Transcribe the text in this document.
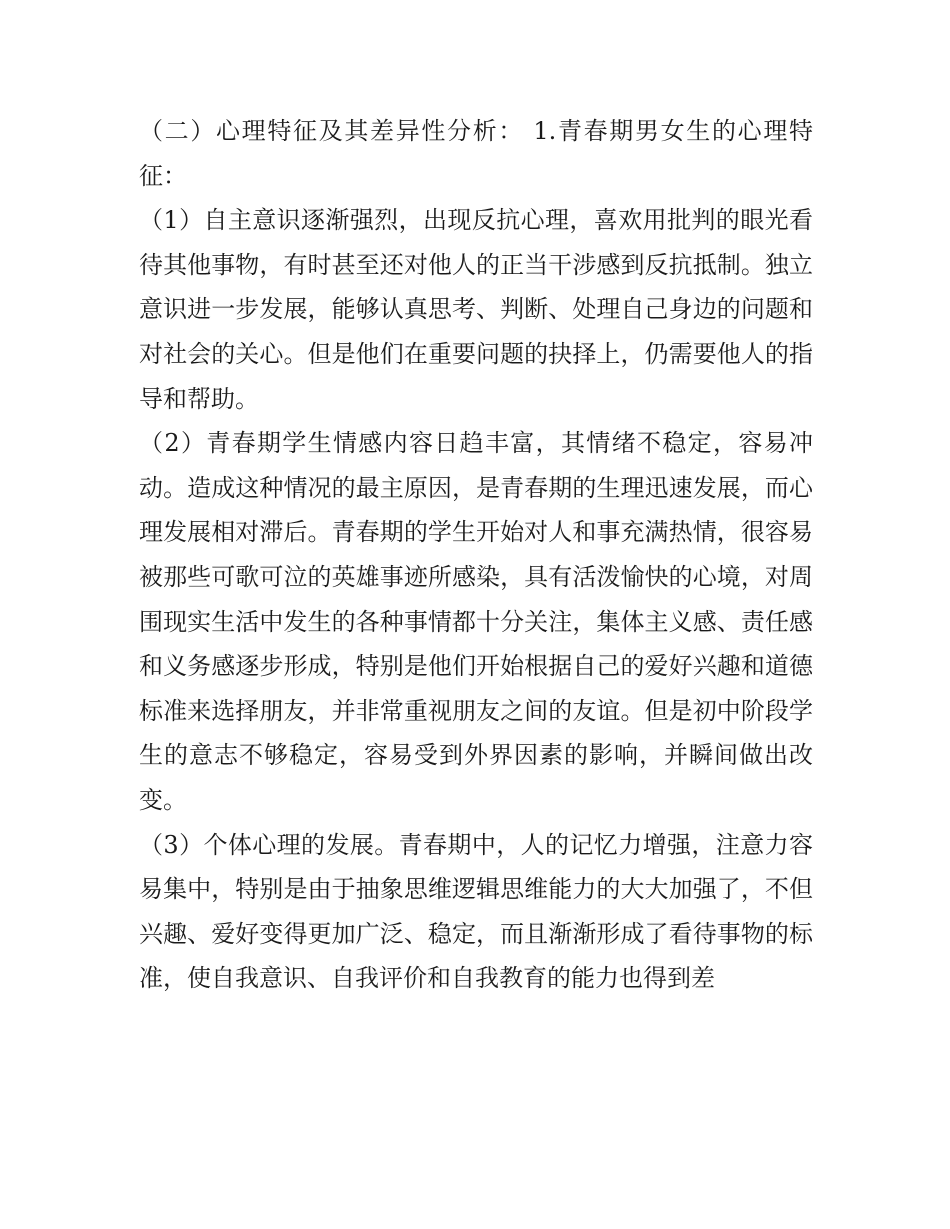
（二）心理特征及其差异性分析： 1.青春期男女生的心理特征：

（1）自主意识逐渐强烈，出现反抗心理，喜欢用批判的眼光看待其他事物，有时甚至还对他人的正当干涉感到反抗抵制。独立意识进一步发展，能够认真思考、判断、处理自己身边的问题和对社会的关心。但是他们在重要问题的抉择上，仍需要他人的指导和帮助。

（2）青春期学生情感内容日趋丰富，其情绪不稳定，容易冲动。造成这种情况的最主原因，是青春期的生理迅速发展，而心理发展相对滞后。青春期的学生开始对人和事充满热情，很容易被那些可歌可泣的英雄事迹所感染，具有活泼愉快的心境，对周围现实生活中发生的各种事情都十分关注，集体主义感、责任感和义务感逐步形成，特别是他们开始根据自己的爱好兴趣和道德标准来选择朋友，并非常重视朋友之间的友谊。但是初中阶段学生的意志不够稳定，容易受到外界因素的影响，并瞬间做出改变。

（3）个体心理的发展。青春期中，人的记忆力增强，注意力容易集中，特别是由于抽象思维逻辑思维能力的大大加强了，不但兴趣、爱好变得更加广泛、稳定，而且渐渐形成了看待事物的标准，使自我意识、自我评价和自我教育的能力也得到差
